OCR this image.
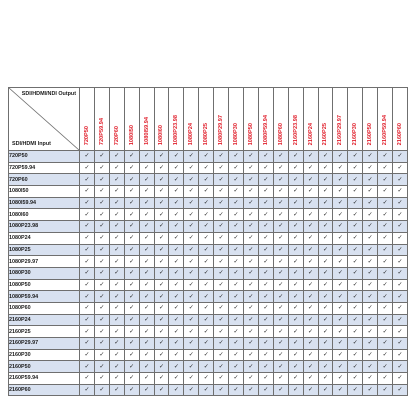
SDI/HDMI/NDI Output
SDI/HDMI Input	720P50	720P59.94	720P60	1080I50	1080I59.94	1080I60	1080P23.98	1080P24	1080P25	1080P29.97	1080P30	1080P50	1080P59.94	1080P60	2160P23.98	2160P24	2160P25	2160P29.97	2160P30	2160P50	2160P59.94	2160P60
720P50	✓	✓	✓	✓	✓	✓	✓	✓	✓	✓	✓	✓	✓	✓	✓	✓	✓	✓	✓	✓	✓	✓
720P59.94	✓	✓	✓	✓	✓	✓	✓	✓	✓	✓	✓	✓	✓	✓	✓	✓	✓	✓	✓	✓	✓	✓
720P60	✓	✓	✓	✓	✓	✓	✓	✓	✓	✓	✓	✓	✓	✓	✓	✓	✓	✓	✓	✓	✓	✓
1080I50	✓	✓	✓	✓	✓	✓	✓	✓	✓	✓	✓	✓	✓	✓	✓	✓	✓	✓	✓	✓	✓	✓
1080I59.94	✓	✓	✓	✓	✓	✓	✓	✓	✓	✓	✓	✓	✓	✓	✓	✓	✓	✓	✓	✓	✓	✓
1080I60	✓	✓	✓	✓	✓	✓	✓	✓	✓	✓	✓	✓	✓	✓	✓	✓	✓	✓	✓	✓	✓	✓
1080P23.98	✓	✓	✓	✓	✓	✓	✓	✓	✓	✓	✓	✓	✓	✓	✓	✓	✓	✓	✓	✓	✓	✓
1080P24	✓	✓	✓	✓	✓	✓	✓	✓	✓	✓	✓	✓	✓	✓	✓	✓	✓	✓	✓	✓	✓	✓
1080P25	✓	✓	✓	✓	✓	✓	✓	✓	✓	✓	✓	✓	✓	✓	✓	✓	✓	✓	✓	✓	✓	✓
1080P29.97	✓	✓	✓	✓	✓	✓	✓	✓	✓	✓	✓	✓	✓	✓	✓	✓	✓	✓	✓	✓	✓	✓
1080P30	✓	✓	✓	✓	✓	✓	✓	✓	✓	✓	✓	✓	✓	✓	✓	✓	✓	✓	✓	✓	✓	✓
1080P50	✓	✓	✓	✓	✓	✓	✓	✓	✓	✓	✓	✓	✓	✓	✓	✓	✓	✓	✓	✓	✓	✓
1080P59.94	✓	✓	✓	✓	✓	✓	✓	✓	✓	✓	✓	✓	✓	✓	✓	✓	✓	✓	✓	✓	✓	✓
1080P60	✓	✓	✓	✓	✓	✓	✓	✓	✓	✓	✓	✓	✓	✓	✓	✓	✓	✓	✓	✓	✓	✓
2160P24	✓	✓	✓	✓	✓	✓	✓	✓	✓	✓	✓	✓	✓	✓	✓	✓	✓	✓	✓	✓	✓	✓
2160P25	✓	✓	✓	✓	✓	✓	✓	✓	✓	✓	✓	✓	✓	✓	✓	✓	✓	✓	✓	✓	✓	✓
2160P29.97	✓	✓	✓	✓	✓	✓	✓	✓	✓	✓	✓	✓	✓	✓	✓	✓	✓	✓	✓	✓	✓	✓
2160P30	✓	✓	✓	✓	✓	✓	✓	✓	✓	✓	✓	✓	✓	✓	✓	✓	✓	✓	✓	✓	✓	✓
2160P50	✓	✓	✓	✓	✓	✓	✓	✓	✓	✓	✓	✓	✓	✓	✓	✓	✓	✓	✓	✓	✓	✓
2160P59.94	✓	✓	✓	✓	✓	✓	✓	✓	✓	✓	✓	✓	✓	✓	✓	✓	✓	✓	✓	✓	✓	✓
2160P60	✓	✓	✓	✓	✓	✓	✓	✓	✓	✓	✓	✓	✓	✓	✓	✓	✓	✓	✓	✓	✓	✓
